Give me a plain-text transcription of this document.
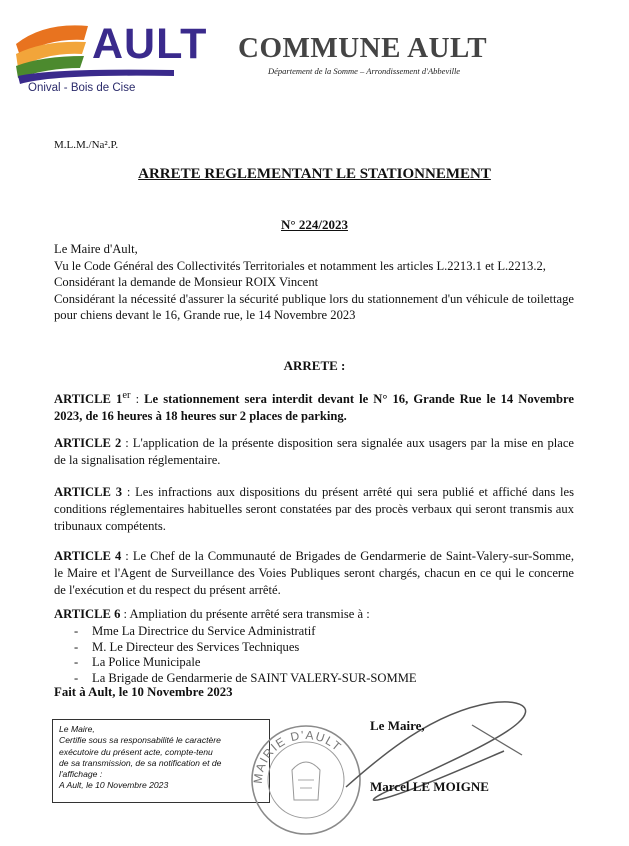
AULT
Onival - Bois de Cise
COMMUNE AULT
Département de la Somme – Arrondissement d'Abbeville
M.L.M./Na².P.
ARRETE REGLEMENTANT LE STATIONNEMENT
N° 224/2023

Le Maire d'Ault,

Vu le Code Général des Collectivités Territoriales et notamment les articles L.2213.1 et L.2213.2,

Considérant la demande de Monsieur ROIX Vincent

Considérant la nécessité d'assurer la sécurité publique lors du stationnement d'un véhicule de toilettage pour chiens devant le 16, Grande rue, le 14 Novembre 2023

ARRETE :
ARTICLE 1er : Le stationnement sera interdit devant le N° 16, Grande Rue le 14 Novembre 2023, de 16 heures à 18 heures sur 2 places de parking.
ARTICLE 2 : L'application de la présente disposition sera signalée aux usagers par la mise en place de la signalisation réglementaire.
ARTICLE 3 : Les infractions aux dispositions du présent arrêté qui sera publié et affiché dans les conditions réglementaires habituelles seront constatées par des procès verbaux qui seront transmis aux tribunaux compétents.
ARTICLE 4 : Le Chef de la Communauté de Brigades de Gendarmerie de Saint-Valery-sur-Somme, le Maire et l'Agent de Surveillance des Voies Publiques seront chargés, chacun en ce qui le concerne de l'exécution et du respect du présent arrêté.
ARTICLE 6 : Ampliation du présente arrêté sera transmise à :
- Mme La Directrice du Service Administratif
- M. Le Directeur des Services Techniques
- La Police Municipale
- La Brigade de Gendarmerie de SAINT VALERY-SUR-SOMME
Fait à Ault, le 10 Novembre 2023
Le Maire,
Certifie sous sa responsabilité le caractère
exécutoire du présent acte, compte-tenu
de sa transmission, de sa notification et de
l'affichage :
A Ault, le 10 Novembre 2023
MAIRIE D'AULT
Le Maire,
Marcel LE MOIGNE
